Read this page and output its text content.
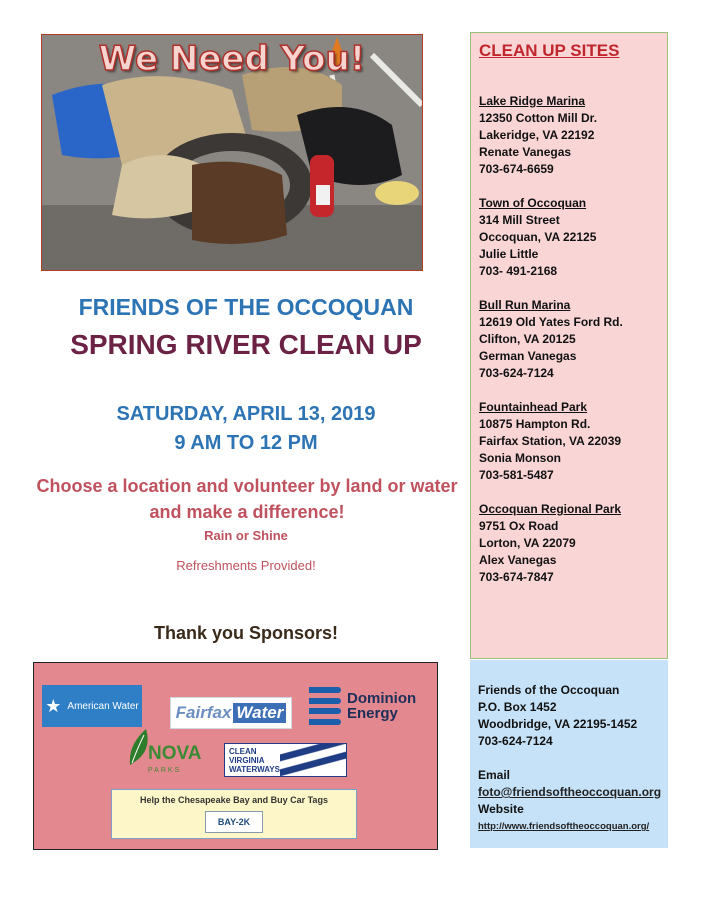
We Need You!
FRIENDS OF THE OCCOQUAN
SPRING RIVER CLEAN UP
SATURDAY, APRIL 13, 2019
9 AM TO 12 PM
Choose a location and volunteer by land or water
and make a difference!
Rain or Shine
Refreshments Provided!
Thank you Sponsors!
★ American Water Fairfax Water
Dominion
Energy
NOVA
PARKS
CLEAN
VIRGINIA
WATERWAYS
Help the Chesapeake Bay and Buy Car Tags
BAY-2K
CLEAN UP SITES
Lake Ridge Marina
12350 Cotton Mill Dr.
Lakeridge, VA 22192
Renate Vanegas
703-674-6659
Town of Occoquan
314 Mill Street
Occoquan, VA 22125
Julie Little
703- 491-2168
Bull Run Marina
12619 Old Yates Ford Rd.
Clifton, VA 20125
German Vanegas
703-624-7124
Fountainhead Park
10875 Hampton Rd.
Fairfax Station, VA 22039
Sonia Monson
703-581-5487
Occoquan Regional Park
9751 Ox Road
Lorton, VA 22079
Alex Vanegas
703-674-7847
Friends of the Occoquan
P.O. Box 1452
Woodbridge, VA 22195-1452
703-624-7124
Email
foto@friendsoftheoccoquan.org
Website
http://www.friendsoftheoccoquan.org/
